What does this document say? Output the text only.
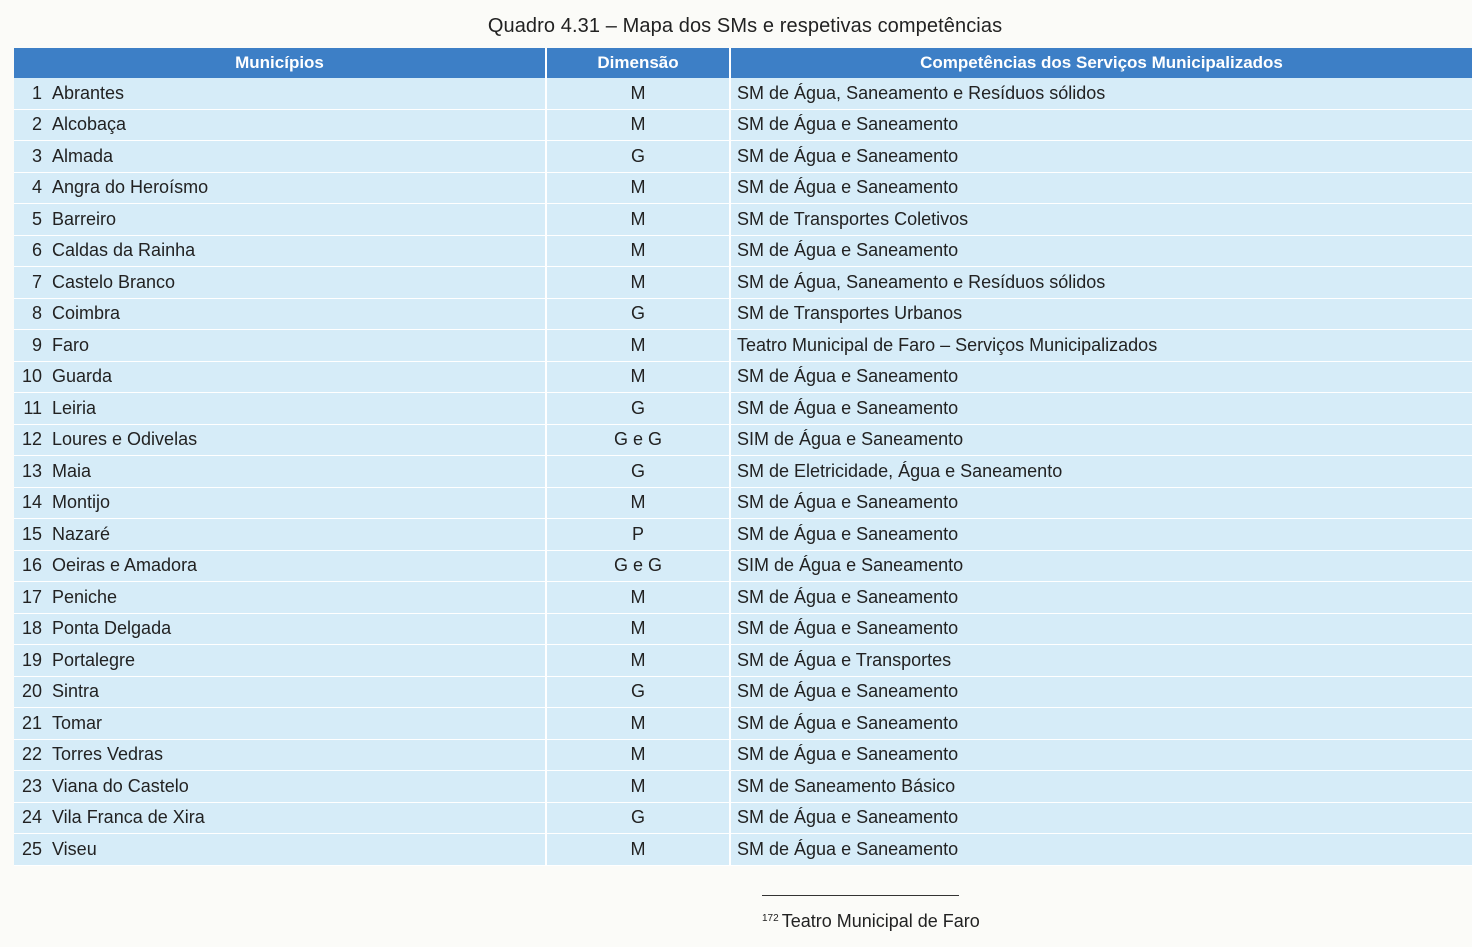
Quadro 4.31 – Mapa dos SMs e respetivas competências
Municípios		Dimensão	Competências dos Serviços Municipalizados
1	Abrantes	M	SM de Água, Saneamento e Resíduos sólidos
2	Alcobaça	M	SM de Água e Saneamento
3	Almada	G	SM de Água e Saneamento
4	Angra do Heroísmo	M	SM de Água e Saneamento
5	Barreiro	M	SM de Transportes Coletivos
6	Caldas da Rainha	M	SM de Água e Saneamento
7	Castelo Branco	M	SM de Água, Saneamento e Resíduos sólidos
8	Coimbra	G	SM de Transportes Urbanos
9	Faro	M	Teatro Municipal de Faro – Serviços Municipalizados
10	Guarda	M	SM de Água e Saneamento
11	Leiria	G	SM de Água e Saneamento
12	Loures e Odivelas	G e G	SIM de Água e Saneamento
13	Maia	G	SM de Eletricidade, Água e Saneamento
14	Montijo	M	SM de Água e Saneamento
15	Nazaré	P	SM de Água e Saneamento
16	Oeiras e Amadora	G e G	SIM de Água e Saneamento
17	Peniche	M	SM de Água e Saneamento
18	Ponta Delgada	M	SM de Água e Saneamento
19	Portalegre	M	SM de Água e Transportes
20	Sintra	G	SM de Água e Saneamento
21	Tomar	M	SM de Água e Saneamento
22	Torres Vedras	M	SM de Água e Saneamento
23	Viana do Castelo	M	SM de Saneamento Básico
24	Vila Franca de Xira	G	SM de Água e Saneamento
25	Viseu	M	SM de Água e Saneamento
$^{172}$ Teatro Municipal de Faro
